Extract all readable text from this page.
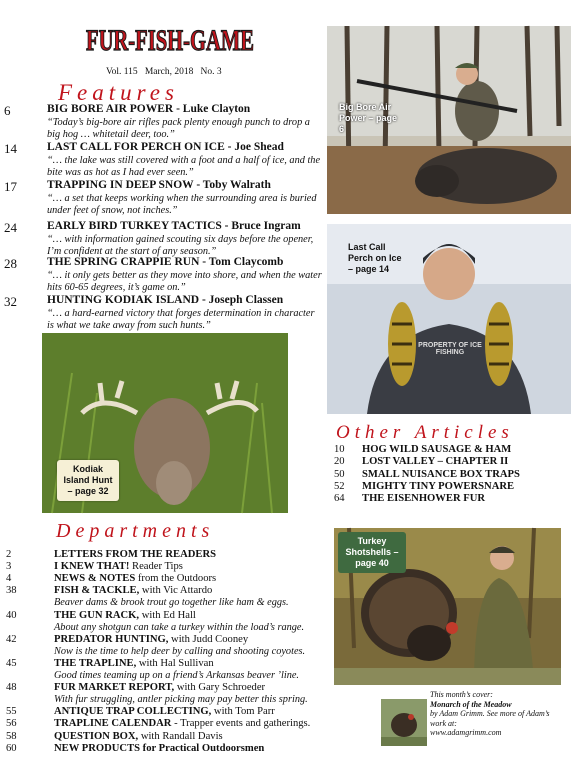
FUR-FISH-GAME
Vol. 115 March, 2018 No. 3
Features
6	BIG BORE AIR POWER - Luke Clayton
“Today’s big-bore air rifles pack plenty enough punch to drop a big hog … whitetail deer, too.”
14	LAST CALL FOR PERCH ON ICE - Joe Shead
“… the lake was still covered with a foot and a half of ice, and the bite was as hot as I had ever seen.”
17	TRAPPING IN DEEP SNOW - Toby Walrath
“… a set that keeps working when the surrounding area is buried under feet of snow, not inches.”
24	EARLY BIRD TURKEY TACTICS - Bruce Ingram
“… with information gained scouting six days before the opener, I’m confident at the start of any season.”
28	THE SPRING CRAPPIE RUN - Tom Claycomb
“… it only gets better as they move into shore, and when the water hits 60-65 degrees, it’s game on.”
32	HUNTING KODIAK ISLAND - Joseph Classen
“… a hard-earned victory that forges determination in character is what we take away from such hunts.”
Big Bore Air Power – page 6
PROPERTY OF ICE FISHING
Last Call Perch on Ice – page 14
Kodiak Island Hunt – page 32
Other Articles
10	HOG WILD SAUSAGE & HAM
20	LOST VALLEY – CHAPTER II
50	SMALL NUISANCE BOX TRAPS
52	MIGHTY TINY POWERSNARE
64	THE EISENHOWER FUR
Turkey Shotshells – page 40
Departments
2	LETTERS FROM THE READERS
3	I KNEW THAT! Reader Tips
4	NEWS & NOTES from the Outdoors
38	FISH & TACKLE, with Vic Attardo
Beaver dams & brook trout go together like ham & eggs.
40	THE GUN RACK, with Ed Hall
About any shotgun can take a turkey within the load’s range.
42	PREDATOR HUNTING, with Judd Cooney
Now is the time to help deer by calling and shooting coyotes.
45	THE TRAPLINE, with Hal Sullivan
Good times teaming up on a friend’s Arkansas beaver ’line.
48	FUR MARKET REPORT, with Gary Schroeder
With fur struggling, antler picking may pay better this spring.
55	ANTIQUE TRAP COLLECTING, with Tom Parr
56	TRAPLINE CALENDAR - Trapper events and gatherings.
58	QUESTION BOX, with Randall Davis
60	NEW PRODUCTS for Practical Outdoorsmen
This month’s cover:
Monarch of the Meadow
by Adam Grimm. See more of Adam’s work at:
www.adamgrimm.com
